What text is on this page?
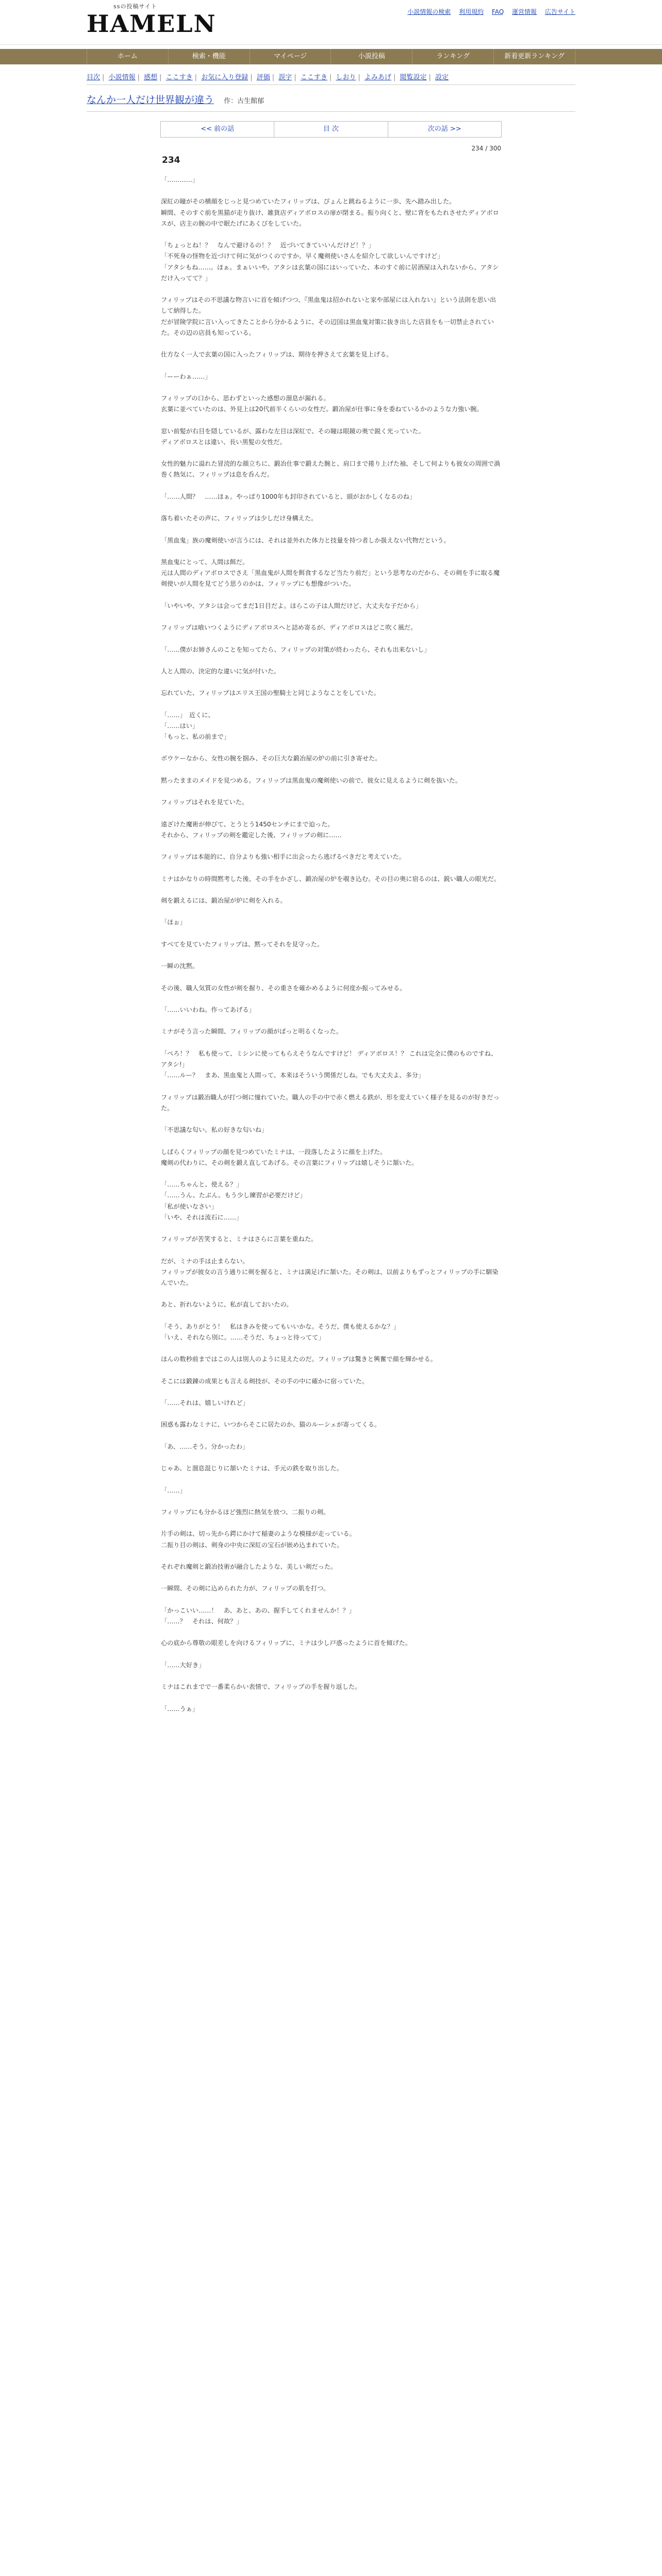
ssの投稿サイト
HAMELN	小説情報の検索 利用規約 FAQ 運営情報 広告サイト
ホーム	検索・機能	マイページ	小説投稿	ランキング	新着更新ランキング
目次 | 小説情報 | 感想 | ここすき | お気に入り登録 | 評価 | 誤字 | ここすき | しおり | よみあげ | 閲覧設定 | 設定
なんか一人だけ世界観が違う 作：古生館郁
<< 前の話	目 次	次の話 >>
234 / 300
234

「…………」

深紅の瞳がその横顔をじっと見つめていたフィリップは、ぴょんと跳ねるように一歩、先へ踏み出した。

瞬間、そのすぐ前を黒猫が走り抜け、雑貨店ディアボロスの扉が閉まる。振り向くと、壁に背をもたれさせたディアボロスが、店主の腕の中で眠たげにあくびをしていた。

「ちょっとね！？　なんで避けるの！？　近づいてきていいんだけど！？」

「不死身の怪物を近づけて何に気がつくのですか。早く魔剣使いさんを紹介して欲しいんですけど」

「アタシもね……。ほぁ。まぁいいや。アタシは玄葉の国にはいっていた、本のすぐ前に居酒屋は入れないから、アタシだけ入ってて？」

フィリップはその不思議な物言いに首を傾げつつ、『黒血鬼は招かれないと家や部屋には入れない』という法則を思い出して納得した。

だが冒険学院に言い入ってきたことから分かるように、その辺国は黒血鬼対策に抜き出した店員をも一切禁止されていた。その辺の店員も知っている。

仕方なく一人で玄葉の国に入ったフィリップは、期待を押さえて玄葉を見上げる。

「ーーわぁ……」

フィリップの口から、思わずといった感想の溜息が漏れる。

玄葉に並べていたのは、外見上は20代前半くらいの女性だ。鍛冶屋が仕事に身を委ねているかのような力強い腕。

窓い前髪が右目を隠しているが、露わな左目は深紅で、その瞳は眼鏡の奥で鋭く光っていた。

ディアボロスとは違い、長い黒髪の女性だ。

女性的魅力に溢れた冒涜的な顔立ちに、鍛冶仕事で鍛えた腕と、肩口まで捲り上げた袖、そして何よりも彼女の周囲で渦巻く熱気に、フィリップは息を呑んだ。

「……人間？　……ほぁ。やっぱり1000年も封印されていると、頭がおかしくなるのね」

落ち着いたその声に、フィリップは少しだけ身構えた。

「黒血鬼」族の魔剣使いが言うには、それは並外れた体力と技量を持つ者しか扱えない代物だという。

黒血鬼にとって、人間は餌だ。

元は人間のディアボロスでさえ「黒血鬼が人間を餌食するなど当たり前だ」という思考なのだから、その剣を手に取る魔剣使いが人間を見てどう思うのかは、フィリップにも想像がついた。

「いやいや、アタシは会ってまだ1日目だよ。ほらこの子は人間だけど、大丈夫な子だから」

フィリップは喰いつくようにディアボロスへと詰め寄るが、ディアボロスはどこ吹く風だ。

「……僕がお姉さんのことを知ってたら、フィリップの対策が終わったら、それも出来ないし」

人と人間の、決定的な違いに気が付いた。

忘れていた、フィリップはエリス王国の聖騎士と同じようなことをしていた。

「……」　近くに、

「……はい」

「もっと、私の前まで」

ボウケーなから、女性の腕を掴み、その巨大な鍛冶屋の炉の前に引き寄せた。

黙ったままのメイドを見つめる。フィリップは黒血鬼の魔剣使いの前で、彼女に見えるように剣を抜いた。

フィリップはそれを見ていた。

遠ざけた魔術が伸びて、とうとう1450センチにまで迫った。

それから、フィリップの剣を鑑定した後、フィリップの剣に……

フィリップは本能的に、自分よりも強い相手に出会ったら逃げるべきだと考えていた。

ミナはかなりの時間黙考した後、その手をかざし、鍛冶屋の炉を覗き込む。その目の奥に宿るのは、鋭い職人の眼光だ。

剣を鍛えるには、鍛冶屋が炉に剣を入れる。

「ほぉ」

すべてを見ていたフィリップは、黙ってそれを見守った。

一瞬の沈黙。

その後、職人気質の女性が剣を握り、その重さを確かめるように何度か振ってみせる。

「……いいわね。作ってあげる」

ミナがそう言った瞬間、フィリップの顔がぱっと明るくなった。

「ぺろ！？　私も使って、ミシンに使ってもらえそうなんですけど！ ディアボロス！？ これは完全に僕のものですね、アタシ!」

「……ルー？　まあ、黒血鬼と人間って、本来はそういう関係だしね。でも大丈夫よ、多分」

フィリップは鍛冶職人が打つ剣に憧れていた。職人の手の中で赤く燃える鉄が、形を変えていく様子を見るのが好きだった。

「不思議な匂い。私の好きな匂いね」

しばらくフィリップの顔を見つめていたミナは、一段落したように顔を上げた。

魔剣の代わりに、その剣を鍛え直してあげる。その言葉にフィリップは嬉しそうに頷いた。

「……ちゃんと、使える？」

「……うん、たぶん。もう少し練習が必要だけど」

「私が使いなさい」

「いや、それは流石に……」

フィリップが苦笑すると、ミナはさらに言葉を重ねた。

だが、ミナの手は止まらない。

フィリップが彼女の言う通りに剣を握ると、ミナは満足げに頷いた。その剣は、以前よりもずっとフィリップの手に馴染んでいた。

あと、折れないように、私が直しておいたの。

「そう、ありがとう！　私はきみを使ってもいいかな。そうだ、僕も使えるかな？」

「いえ、それなら別に。……そうだ、ちょっと待ってて」

ほんの数秒前まではこの人は別人のように見えたのだ。フィリップは驚きと興奮で顔を輝かせる。

そこには鍛錬の成果とも言える剣技が、その手の中に確かに宿っていた。

「……それは、嬉しいけれど」

困惑も露わなミナに、いつからそこに居たのか、猫のルーシェが寄ってくる。

「あ、……そう。分かったわ」

じゃあ、と溜息混じりに頷いたミナは、手元の鉄を取り出した。

「……」

フィリップにも分かるほど強烈に熱気を放つ、二振りの剣。

片手の剣は、切っ先から鍔にかけて稲妻のような模様が走っている。

二振り目の剣は、剣身の中央に深紅の宝石が嵌め込まれていた。

それぞれ魔剣と鍛冶技術が融合したような、美しい剣だった。

一瞬間、その剣に込められた力が、フィリップの肌を打つ。

「かっこいい……！　あ、あと、あの、握手してくれませんか！？」

「……？　それは、何故？」

心の底から尊敬の眼差しを向けるフィリップに、ミナは少し戸惑ったように首を傾げた。

「……大好き」

ミナはこれまでで一番柔らかい表情で、フィリップの手を握り返した。

「……うぁ」
